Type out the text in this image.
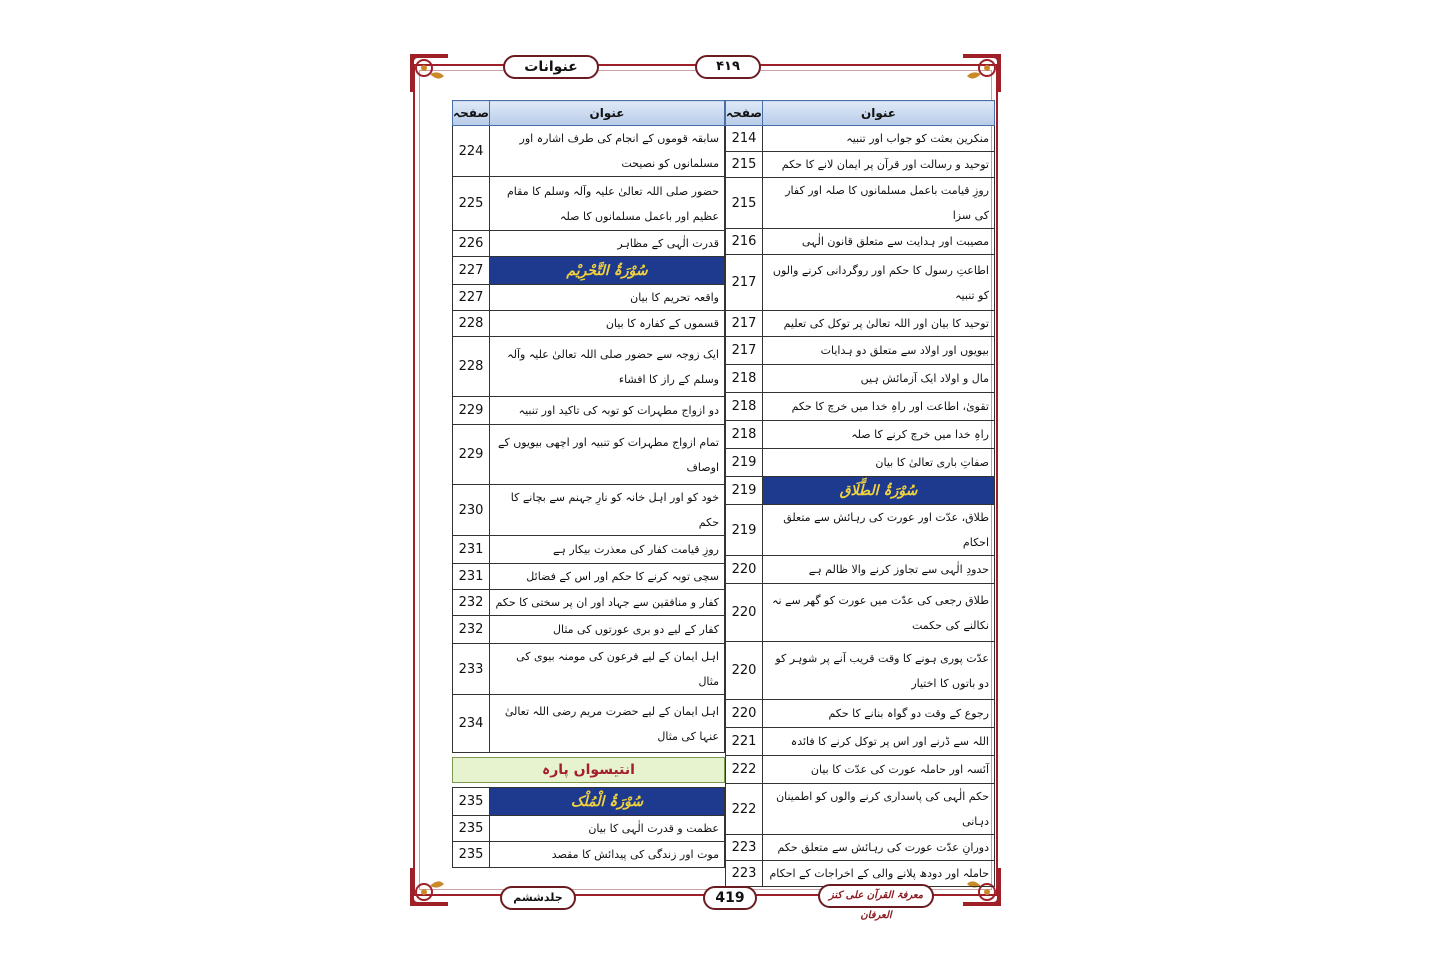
عنوانات	۴۱۹
صفحہ	عنوان
224	سابقہ قوموں کے انجام کی طرف اشارہ اور مسلمانوں کو نصیحت
225	حضور صلی اللہ تعالیٰ علیہ وآلہ وسلم کا مقام عظیم اور باعمل مسلمانوں کا صلہ
226	قدرت الٰہی کے مظاہر
227	سُوْرَۃُ التَّحْرِیْم
227	واقعہ تحریم کا بیان
228	قسموں کے کفارہ کا بیان
228	ایک زوجہ سے حضور صلی اللہ تعالیٰ علیہ وآلہ وسلم کے راز کا افشاء
229	دو ازواج مطہرات کو توبہ کی تاکید اور تنبیہ
229	تمام ازواج مطہرات کو تنبیہ اور اچھی بیویوں کے اوصاف
230	خود کو اور اہل خانہ کو نارِ جہنم سے بچانے کا حکم
231	روزِ قیامت کفار کی معذرت بیکار ہے
231	سچی توبہ کرنے کا حکم اور اس کے فضائل
232	کفار و منافقین سے جہاد اور ان پر سختی کا حکم
232	کفار کے لیے دو بری عورتوں کی مثال
233	اہل ایمان کے لیے فرعون کی مومنہ بیوی کی مثال
234	اہل ایمان کے لیے حضرت مریم رضی اللہ تعالیٰ عنہا کی مثال

انتیسواں پارہ	

235	سُوْرَۃُ الْمُلْک
235	عظمت و قدرت الٰہی کا بیان
235	موت اور زندگی کی پیدائش کا مقصد
صفحہ	عنوان
214	منکرین بعثت کو جواب اور تنبیہ
215	توحید و رسالت اور قرآن پر ایمان لانے کا حکم
215	روزِ قیامت باعمل مسلمانوں کا صلہ اور کفار کی سزا
216	مصیبت اور ہدایت سے متعلق قانون الٰہی
217	اطاعتِ رسول کا حکم اور روگردانی کرنے والوں کو تنبیہ
217	توحید کا بیان اور اللہ تعالیٰ پر توکل کی تعلیم
217	بیویوں اور اولاد سے متعلق دو ہدایات
218	مال و اولاد ایک آزمائش ہیں
218	تقویٰ، اطاعت اور راہِ خدا میں خرچ کا حکم
218	راہِ خدا میں خرچ کرنے کا صلہ
219	صفاتِ باری تعالیٰ کا بیان
219	سُوْرَۃُ الطَّلَاق
219	طلاق، عدّت اور عورت کی رہائش سے متعلق احکام
220	حدودِ الٰہی سے تجاوز کرنے والا ظالم ہے
220	طلاق رجعی کی عدّت میں عورت کو گھر سے نہ نکالنے کی حکمت
220	عدّت پوری ہونے کا وقت قریب آنے پر شوہر کو دو باتوں کا اختیار
220	رجوع کے وقت دو گواہ بنانے کا حکم
221	اللہ سے ڈرنے اور اس پر توکل کرنے کا فائدہ
222	آئسہ اور حاملہ عورت کی عدّت کا بیان
222	حکم الٰہی کی پاسداری کرنے والوں کو اطمینان دہانی
223	دورانِ عدّت عورت کی رہائش سے متعلق حکم
223	حاملہ اور دودھ پلانے والی کے اخراجات کے احکام
جلدششم	419	معرفۃ القرآن علی کنز العرفان
